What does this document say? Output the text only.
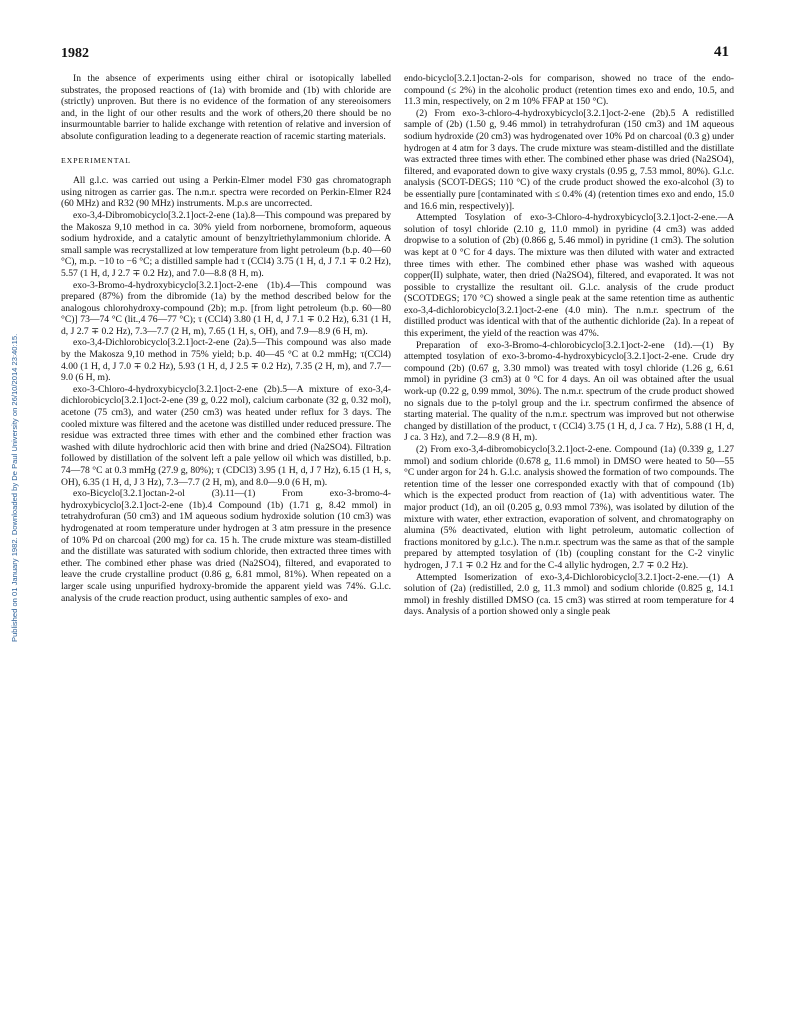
1982	41
Published on 01 January 1982. Downloaded by De Paul University on 26/10/2014 23:40:15.

In the absence of experiments using either chiral or isotopically labelled substrates, the proposed reactions of (1a) with bromide and (1b) with chloride are (strictly) unproven. But there is no evidence of the formation of any stereoisomers and, in the light of our other results and the work of others,20 there should be no insurmountable barrier to halide exchange with retention of relative and inversion of absolute configuration leading to a degenerate reaction of racemic starting materials.

EXPERIMENTAL

All g.l.c. was carried out using a Perkin-Elmer model F30 gas chromatograph using nitrogen as carrier gas. The n.m.r. spectra were recorded on Perkin-Elmer R24 (60 MHz) and R32 (90 MHz) instruments. M.p.s are uncorrected.

exo-3,4-Dibromobicyclo[3.2.1]oct-2-ene (1a).8—This compound was prepared by the Makosza 9,10 method in ca. 30% yield from norbornene, bromoform, aqueous sodium hydroxide, and a catalytic amount of benzyltriethylammonium chloride. A small sample was recrystallized at low temperature from light petroleum (b.p. 40—60 °C), m.p. −10 to −6 °C; a distilled sample had τ (CCl4) 3.75 (1 H, d, J 7.1 ∓ 0.2 Hz), 5.57 (1 H, d, J 2.7 ∓ 0.2 Hz), and 7.0—8.8 (8 H, m).

exo-3-Bromo-4-hydroxybicyclo[3.2.1]oct-2-ene (1b).4—This compound was prepared (87%) from the dibromide (1a) by the method described below for the analogous chlorohydroxy-compound (2b); m.p. [from light petroleum (b.p. 60—80 °C)] 73—74 °C (lit.,4 76—77 °C); τ (CCl4) 3.80 (1 H, d, J 7.1 ∓ 0.2 Hz), 6.31 (1 H, d, J 2.7 ∓ 0.2 Hz), 7.3—7.7 (2 H, m), 7.65 (1 H, s, OH), and 7.9—8.9 (6 H, m).

exo-3,4-Dichlorobicyclo[3.2.1]oct-2-ene (2a).5—This compound was also made by the Makosza 9,10 method in 75% yield; b.p. 40—45 °C at 0.2 mmHg; τ(CCl4) 4.00 (1 H, d, J 7.0 ∓ 0.2 Hz), 5.93 (1 H, d, J 2.5 ∓ 0.2 Hz), 7.35 (2 H, m), and 7.7—9.0 (6 H, m).

exo-3-Chloro-4-hydroxybicyclo[3.2.1]oct-2-ene (2b).5—A mixture of exo-3,4-dichlorobicyclo[3.2.1]oct-2-ene (39 g, 0.22 mol), calcium carbonate (32 g, 0.32 mol), acetone (75 cm3), and water (250 cm3) was heated under reflux for 3 days. The cooled mixture was filtered and the acetone was distilled under reduced pressure. The residue was extracted three times with ether and the combined ether fraction was washed with dilute hydrochloric acid then with brine and dried (Na2SO4). Filtration followed by distillation of the solvent left a pale yellow oil which was distilled, b.p. 74—78 °C at 0.3 mmHg (27.9 g, 80%); τ (CDCl3) 3.95 (1 H, d, J 7 Hz), 6.15 (1 H, s, OH), 6.35 (1 H, d, J 3 Hz), 7.3—7.7 (2 H, m), and 8.0—9.0 (6 H, m).

exo-Bicyclo[3.2.1]octan-2-ol (3).11—(1) From exo-3-bromo-4-hydroxybicyclo[3.2.1]oct-2-ene (1b).4 Compound (1b) (1.71 g, 8.42 mmol) in tetrahydrofuran (50 cm3) and 1M aqueous sodium hydroxide solution (10 cm3) was hydrogenated at room temperature under hydrogen at 3 atm pressure in the presence of 10% Pd on charcoal (200 mg) for ca. 15 h. The crude mixture was steam-distilled and the distillate was saturated with sodium chloride, then extracted three times with ether. The combined ether phase was dried (Na2SO4), filtered, and evaporated to leave the crude crystalline product (0.86 g, 6.81 mmol, 81%). When repeated on a larger scale using unpurified hydroxy-bromide the apparent yield was 74%. G.l.c. analysis of the crude reaction product, using authentic samples of exo- and

endo-bicyclo[3.2.1]octan-2-ols for comparison, showed no trace of the endo-compound (≤ 2%) in the alcoholic product (retention times exo and endo, 10.5, and 11.3 min, respectively, on 2 m 10% FFAP at 150 °C).

(2) From exo-3-chloro-4-hydroxybicyclo[3.2.1]oct-2-ene (2b).5 A redistilled sample of (2b) (1.50 g, 9.46 mmol) in tetrahydrofuran (150 cm3) and 1M aqueous sodium hydroxide (20 cm3) was hydrogenated over 10% Pd on charcoal (0.3 g) under hydrogen at 4 atm for 3 days. The crude mixture was steam-distilled and the distillate was extracted three times with ether. The combined ether phase was dried (Na2SO4), filtered, and evaporated down to give waxy crystals (0.95 g, 7.53 mmol, 80%). G.l.c. analysis (SCOT-DEGS; 110 °C) of the crude product showed the exo-alcohol (3) to be essentially pure [contaminated with ≤ 0.4% (4) (retention times exo and endo, 15.0 and 16.6 min, respectively)].

Attempted Tosylation of exo-3-Chloro-4-hydroxybicyclo[3.2.1]oct-2-ene.—A solution of tosyl chloride (2.10 g, 11.0 mmol) in pyridine (4 cm3) was added dropwise to a solution of (2b) (0.866 g, 5.46 mmol) in pyridine (1 cm3). The solution was kept at 0 °C for 4 days. The mixture was then diluted with water and extracted three times with ether. The combined ether phase was washed with aqueous copper(II) sulphate, water, then dried (Na2SO4), filtered, and evaporated. It was not possible to crystallize the resultant oil. G.l.c. analysis of the crude product (SCOTDEGS; 170 °C) showed a single peak at the same retention time as authentic exo-3,4-dichlorobicyclo[3.2.1]oct-2-ene (4.0 min). The n.m.r. spectrum of the distilled product was identical with that of the authentic dichloride (2a). In a repeat of this experiment, the yield of the reaction was 47%.

Preparation of exo-3-Bromo-4-chlorobicyclo[3.2.1]oct-2-ene (1d).—(1) By attempted tosylation of exo-3-bromo-4-hydroxybicyclo[3.2.1]oct-2-ene. Crude dry compound (2b) (0.67 g, 3.30 mmol) was treated with tosyl chloride (1.26 g, 6.61 mmol) in pyridine (3 cm3) at 0 °C for 4 days. An oil was obtained after the usual work-up (0.22 g, 0.99 mmol, 30%). The n.m.r. spectrum of the crude product showed no signals due to the p-tolyl group and the i.r. spectrum confirmed the absence of starting material. The quality of the n.m.r. spectrum was improved but not otherwise changed by distillation of the product, τ (CCl4) 3.75 (1 H, d, J ca. 7 Hz), 5.88 (1 H, d, J ca. 3 Hz), and 7.2—8.9 (8 H, m).

(2) From exo-3,4-dibromobicyclo[3.2.1]oct-2-ene. Compound (1a) (0.339 g, 1.27 mmol) and sodium chloride (0.678 g, 11.6 mmol) in DMSO were heated to 50—55 °C under argon for 24 h. G.l.c. analysis showed the formation of two compounds. The retention time of the lesser one corresponded exactly with that of compound (1b) which is the expected product from reaction of (1a) with adventitious water. The major product (1d), an oil (0.205 g, 0.93 mmol 73%), was isolated by dilution of the mixture with water, ether extraction, evaporation of solvent, and chromatography on alumina (5% deactivated, elution with light petroleum, automatic collection of fractions monitored by g.l.c.). The n.m.r. spectrum was the same as that of the sample prepared by attempted tosylation of (1b) (coupling constant for the C-2 vinylic hydrogen, J 7.1 ∓ 0.2 Hz and for the C-4 allylic hydrogen, 2.7 ∓ 0.2 Hz).

Attempted Isomerization of exo-3,4-Dichlorobicyclo[3.2.1]oct-2-ene.—(1) A solution of (2a) (redistilled, 2.0 g, 11.3 mmol) and sodium chloride (0.825 g, 14.1 mmol) in freshly distilled DMSO (ca. 15 cm3) was stirred at room temperature for 4 days. Analysis of a portion showed only a single peak
